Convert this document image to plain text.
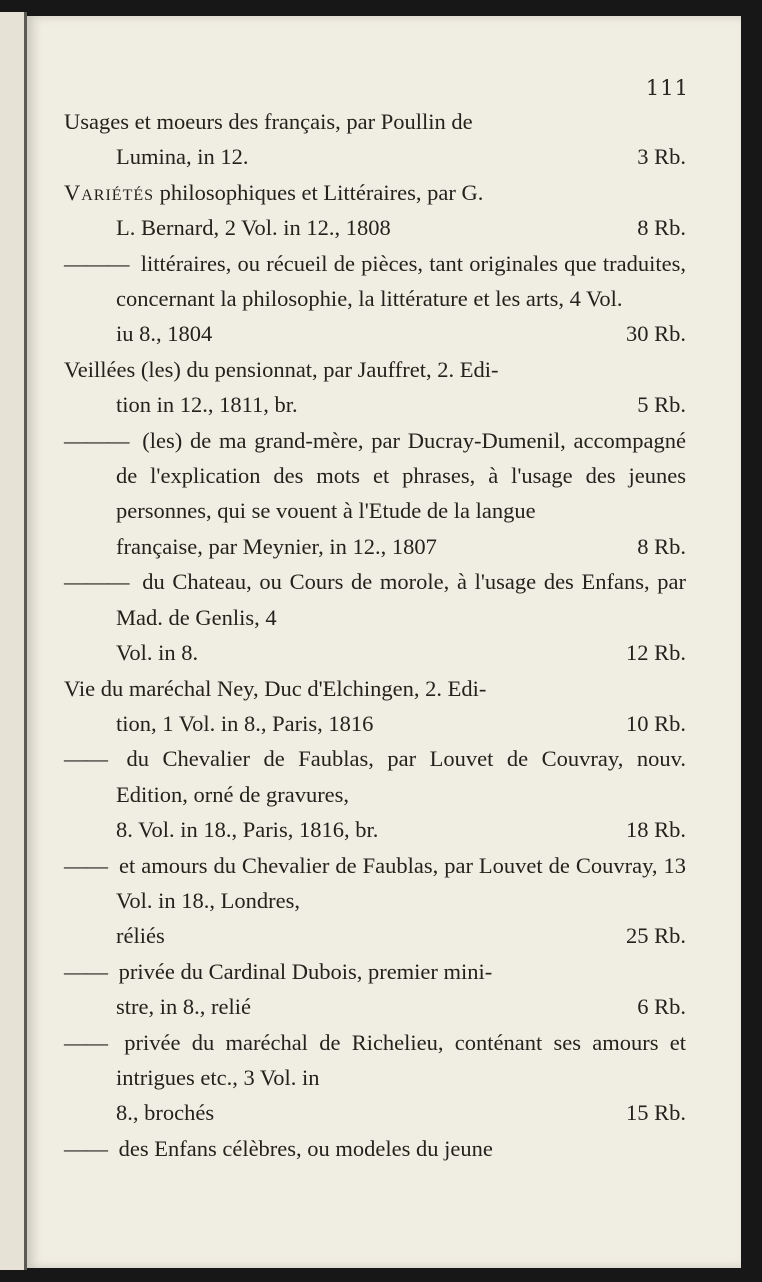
111
Usages et moeurs des français, par Poullin de
Lumina, in 12.	3 Rb.
Variétés philosophiques et Littéraires, par G.
L. Bernard, 2 Vol. in 12., 1808	8 Rb.
——— littéraires, ou récueil de pièces, tant originales que traduites, concernant la philosophie, la littérature et les arts, 4 Vol.
iu 8., 1804	30 Rb.
Veillées (les) du pensionnat, par Jauffret, 2. Edi-
tion in 12., 1811, br.	5 Rb.
——— (les) de ma grand-mère, par Ducray-Dumenil, accompagné de l'explication des mots et phrases, à l'usage des jeunes personnes, qui se vouent à l'Etude de la langue
française, par Meynier, in 12., 1807	8 Rb.
——— du Chateau, ou Cours de morole, à l'usage des Enfans, par Mad. de Genlis, 4
Vol. in 8.	12 Rb.
Vie du maréchal Ney, Duc d'Elchingen, 2. Edi-
tion, 1 Vol. in 8., Paris, 1816	10 Rb.
—— du Chevalier de Faublas, par Louvet de Couvray, nouv. Edition, orné de gravures,
8. Vol. in 18., Paris, 1816, br.	18 Rb.
—— et amours du Chevalier de Faublas, par Louvet de Couvray, 13 Vol. in 18., Londres,
réliés	25 Rb.
—— privée du Cardinal Dubois, premier mini-
stre, in 8., relié	6 Rb.
—— privée du maréchal de Richelieu, conténant ses amours et intrigues etc., 3 Vol. in
8., brochés	15 Rb.
—— des Enfans célèbres, ou modeles du jeune
